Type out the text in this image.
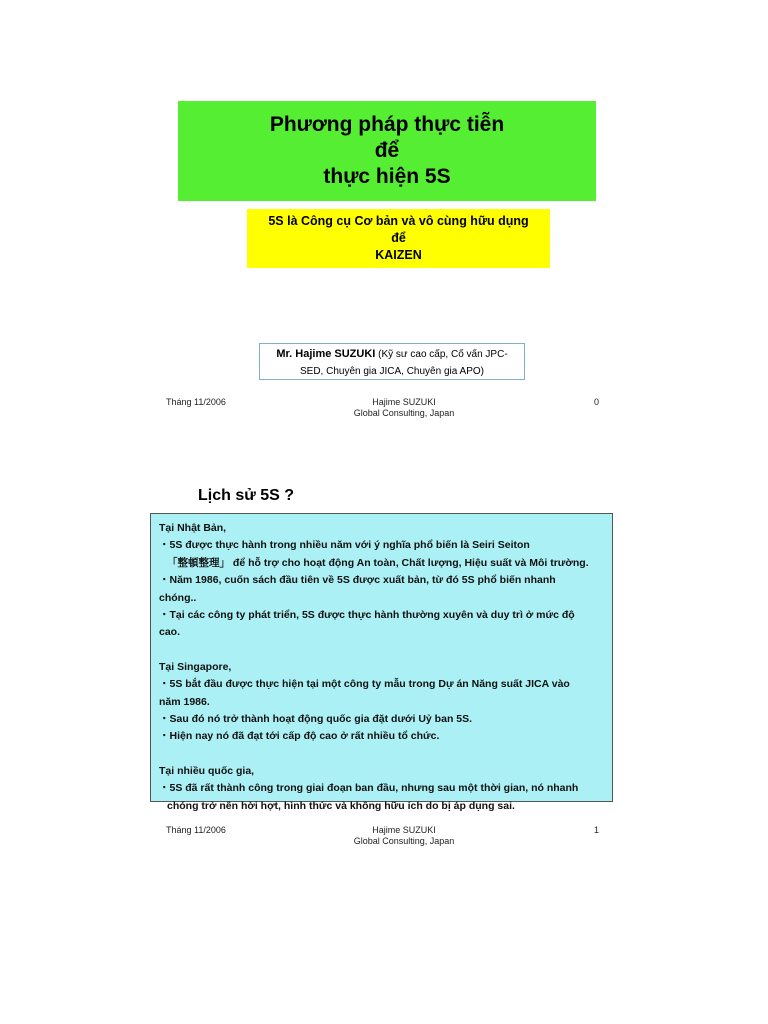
Phương pháp thực tiễn
để
thực hiện 5S
5S là Công cụ Cơ bản và vô cùng hữu dụng
để
KAIZEN
Mr. Hajime SUZUKI (Kỹ sư cao cấp, Cố vấn JPC-
SED, Chuyên gia JICA, Chuyên gia APO)
Tháng 11/2006	Hajime SUZUKI
Global Consulting, Japan
0
Lịch sử 5S ?

Tại Nhật Bản,

・5S được thực hành trong nhiều năm với ý nghĩa phổ biến là Seiri Seiton

「整頓整理」 để hỗ trợ cho hoạt động An toàn, Chất lượng, Hiệu suất và Môi trường.

・Năm 1986, cuốn sách đầu tiên về 5S được xuất bản, từ đó 5S phổ biến nhanh

chóng..

・Tại các công ty phát triển, 5S được thực hành thường xuyên và duy trì ở mức độ

cao.

Tại Singapore,

・5S bắt đầu được thực hiện tại một công ty mẫu trong Dự án Năng suất JICA vào

năm 1986.

・Sau đó nó trở thành hoạt động quốc gia đặt dưới Uỷ ban 5S.

・Hiện nay nó đã đạt tới cấp độ cao ở rất nhiều tổ chức.

Tại nhiều quốc gia,

・5S đã rất thành công trong giai đoạn ban đầu, nhưng sau một thời gian, nó nhanh

chóng trở nên hời hợt, hình thức và không hữu ích do bị áp dụng sai.

Tháng 11/2006	Hajime SUZUKI
Global Consulting, Japan
1
